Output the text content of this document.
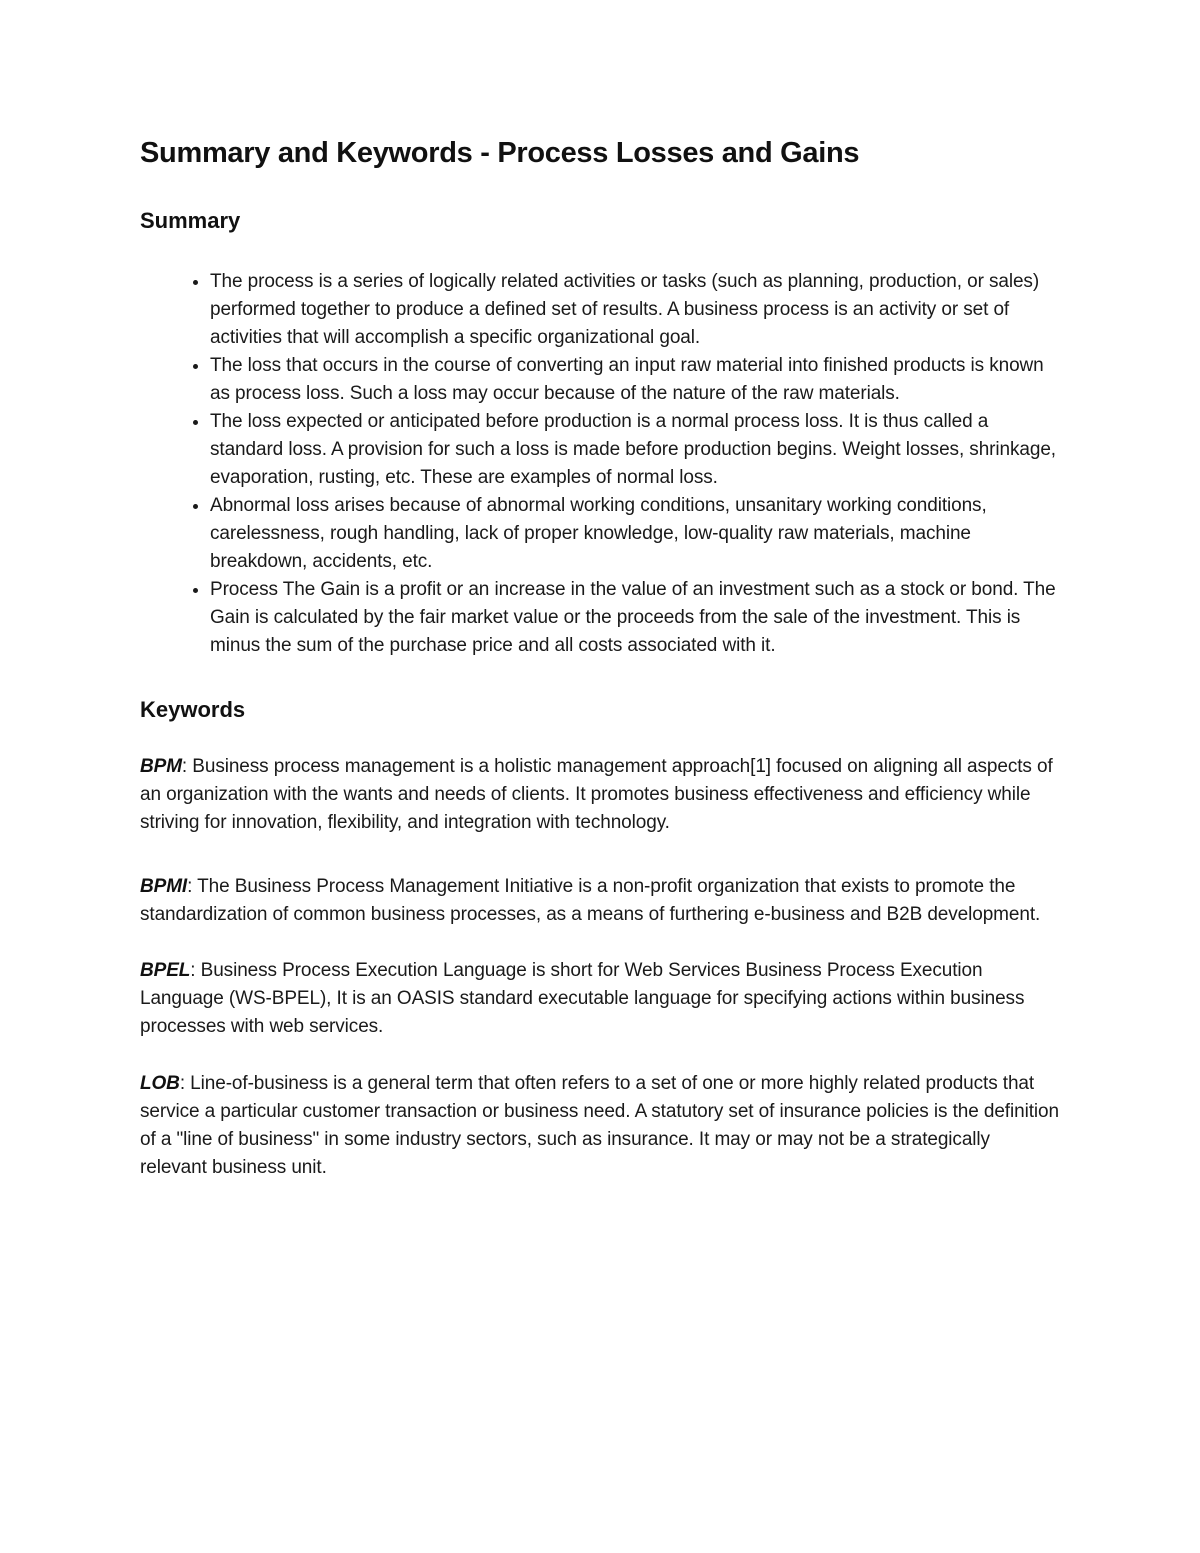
Summary and Keywords - Process Losses and Gains
Summary
• The process is a series of logically related activities or tasks (such as planning, production, or sales) performed together to produce a defined set of results. A business process is an activity or set of activities that will accomplish a specific organizational goal.
• The loss that occurs in the course of converting an input raw material into finished products is known as process loss. Such a loss may occur because of the nature of the raw materials.
• The loss expected or anticipated before production is a normal process loss. It is thus called a standard loss. A provision for such a loss is made before production begins. Weight losses, shrinkage, evaporation, rusting, etc. These are examples of normal loss.
• Abnormal loss arises because of abnormal working conditions, unsanitary working conditions, carelessness, rough handling, lack of proper knowledge, low-quality raw materials, machine breakdown, accidents, etc.
• Process The Gain is a profit or an increase in the value of an investment such as a stock or bond. The Gain is calculated by the fair market value or the proceeds from the sale of the investment. This is minus the sum of the purchase price and all costs associated with it.
Keywords

BPM: Business process management is a holistic management approach[1] focused on aligning all aspects of an organization with the wants and needs of clients. It promotes business effectiveness and efficiency while striving for innovation, flexibility, and integration with technology.

BPMI: The Business Process Management Initiative is a non-profit organization that exists to promote the standardization of common business processes, as a means of furthering e-business and B2B development.

BPEL: Business Process Execution Language is short for Web Services Business Process Execution Language (WS-BPEL), It is an OASIS standard executable language for specifying actions within business processes with web services.

LOB: Line-of-business is a general term that often refers to a set of one or more highly related products that service a particular customer transaction or business need. A statutory set of insurance policies is the definition of a "line of business" in some industry sectors, such as insurance. It may or may not be a strategically relevant business unit.
